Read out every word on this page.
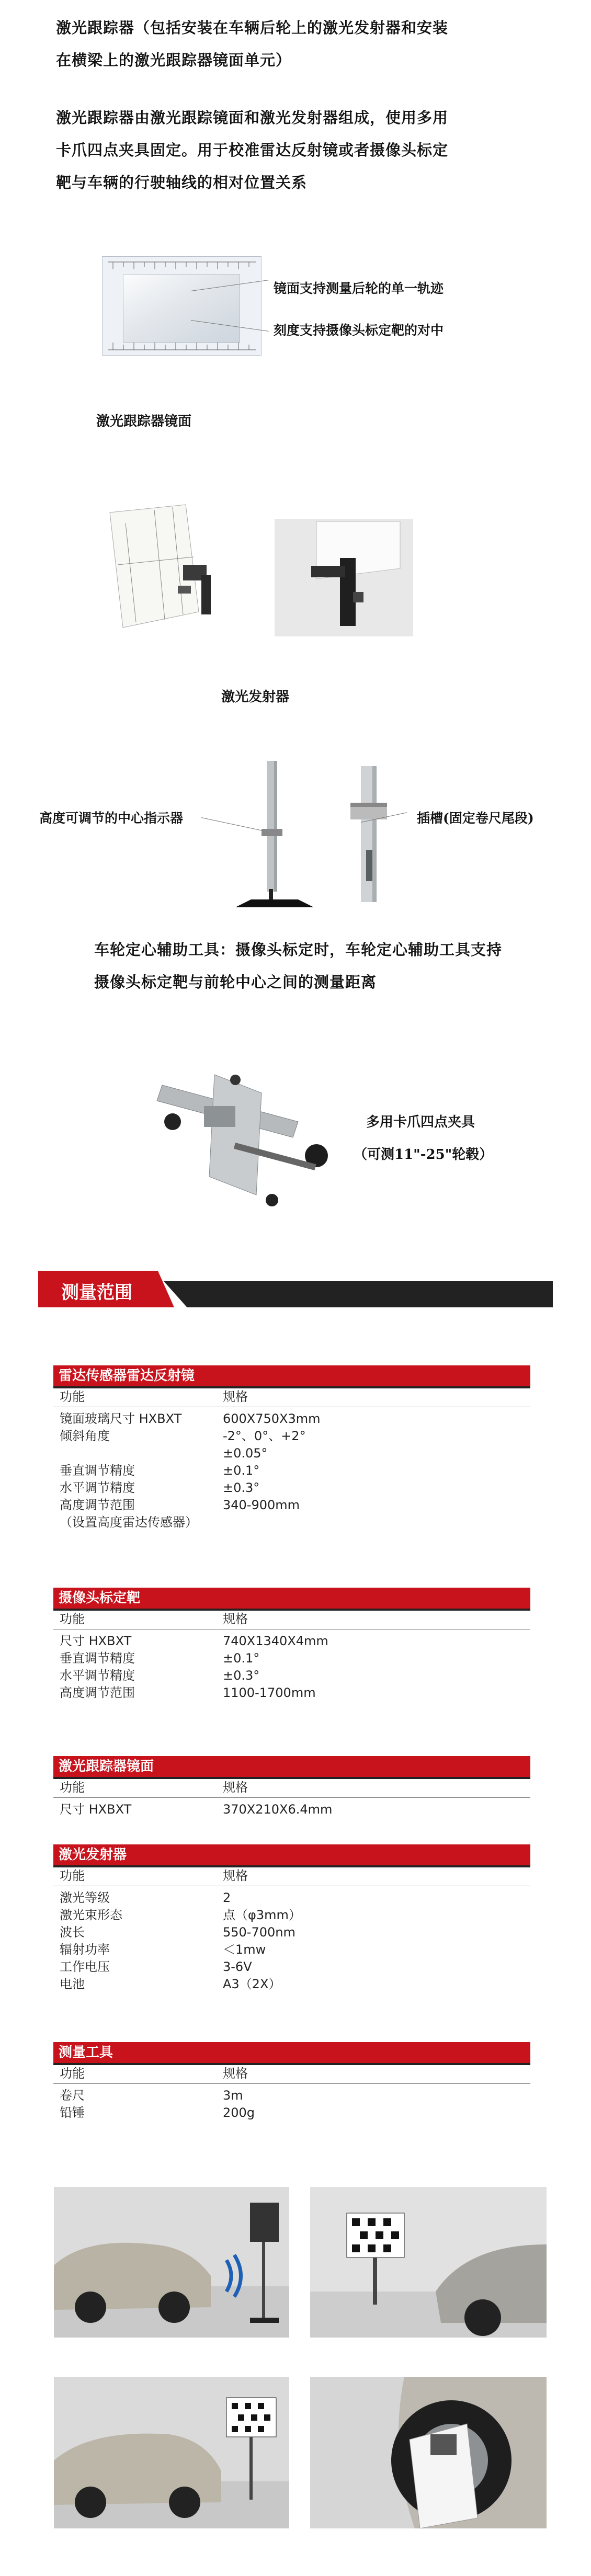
激光跟踪器（包括安装在车辆后轮上的激光发射器和安装
在横梁上的激光跟踪器镜面单元）
激光跟踪器由激光跟踪镜面和激光发射器组成，使用多用
卡爪四点夹具固定。用于校准雷达反射镜或者摄像头标定
靶与车辆的行驶轴线的相对位置关系
镜面支持测量后轮的单一轨迹
刻度支持摄像头标定靶的对中
激光跟踪器镜面
激光发射器
高度可调节的中心指示器	插槽(固定卷尺尾段)
车轮定心辅助工具：摄像头标定时，车轮定心辅助工具支持
摄像头标定靶与前轮中心之间的测量距离
多用卡爪四点夹具
（可测11"-25"轮毂）
测量范围
雷达传感器雷达反射镜
功能	规格
镜面玻璃尺寸 HXBXT	600X750X3mm
倾斜角度	-2°、0°、+2°
±0.05°
垂直调节精度	±0.1°
水平调节精度	±0.3°
高度调节范围	340-900mm
（设置高度雷达传感器）
摄像头标定靶
功能	规格
尺寸 HXBXT	740X1340X4mm
垂直调节精度	±0.1°
水平调节精度	±0.3°
高度调节范围	1100-1700mm
激光跟踪器镜面
功能	规格
尺寸 HXBXT	370X210X6.4mm
激光发射器
功能	规格
激光等级	2
激光束形态	点（φ3mm）
波长	550-700nm
辐射功率	＜1mw
工作电压	3-6V
电池	A3（2X）
测量工具
功能	规格
卷尺	3m
铅锤	200g
